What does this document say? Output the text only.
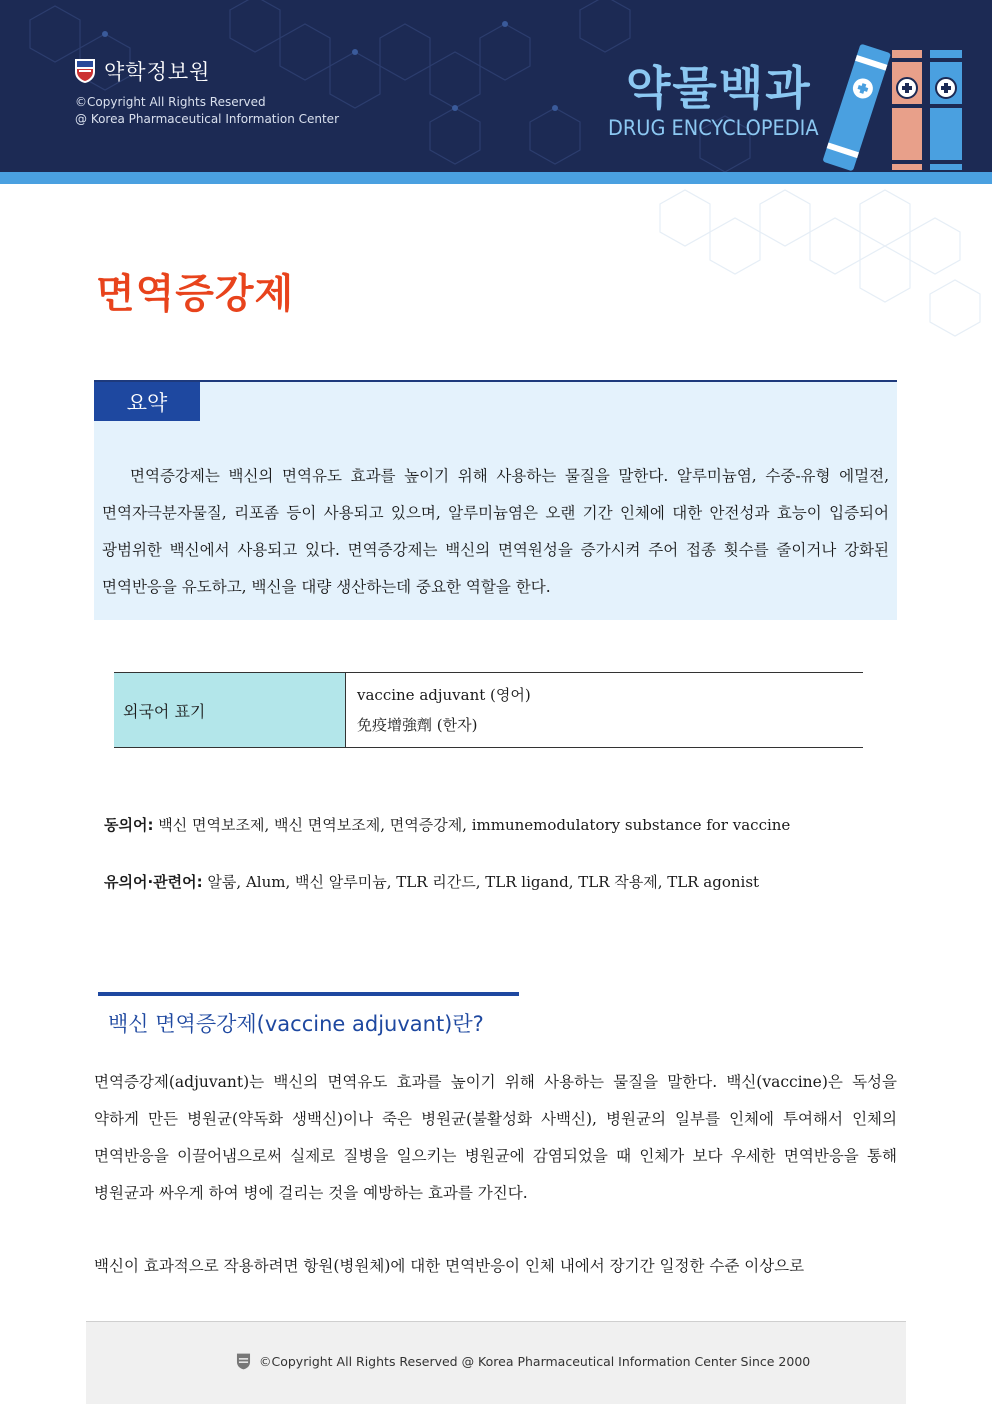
약학정보원
©Copyright All Rights Reserved
@ Korea Pharmaceutical Information Center
약물백과
DRUG ENCYCLOPEDIA
면역증강제
요약

면역증강제는 백신의 면역유도 효과를 높이기 위해 사용하는 물질을 말한다. 알루미늄염, 수중-유형 에멀젼, 면역자극분자물질, 리포좀 등이 사용되고 있으며, 알루미늄염은 오랜 기간 인체에 대한 안전성과 효능이 입증되어 광범위한 백신에서 사용되고 있다. 면역증강제는 백신의 면역원성을 증가시켜 주어 접종 횟수를 줄이거나 강화된 면역반응을 유도하고, 백신을 대량 생산하는데 중요한 역할을 한다.

외국어 표기
vaccine adjuvant (영어)
免疫增強劑 (한자)
동의어: 백신 면역보조제, 백신 면역보조제, 면역증강제, immunemodulatory substance for vaccine
유의어·관련어: 알룸, Alum, 백신 알루미늄, TLR 리간드, TLR ligand, TLR 작용제, TLR agonist
백신 면역증강제(vaccine adjuvant)란?

면역증강제(adjuvant)는 백신의 면역유도 효과를 높이기 위해 사용하는 물질을 말한다. 백신(vaccine)은 독성을 약하게 만든 병원균(약독화 생백신)이나 죽은 병원균(불활성화 사백신), 병원균의 일부를 인체에 투여해서 인체의 면역반응을 이끌어냄으로써 실제로 질병을 일으키는 병원균에 감염되었을 때 인체가 보다 우세한 면역반응을 통해 병원균과 싸우게 하여 병에 걸리는 것을 예방하는 효과를 가진다.

백신이 효과적으로 작용하려면 항원(병원체)에 대한 면역반응이 인체 내에서 장기간 일정한 수준 이상으로

©Copyright All Rights Reserved @ Korea Pharmaceutical Information Center Since 2000
